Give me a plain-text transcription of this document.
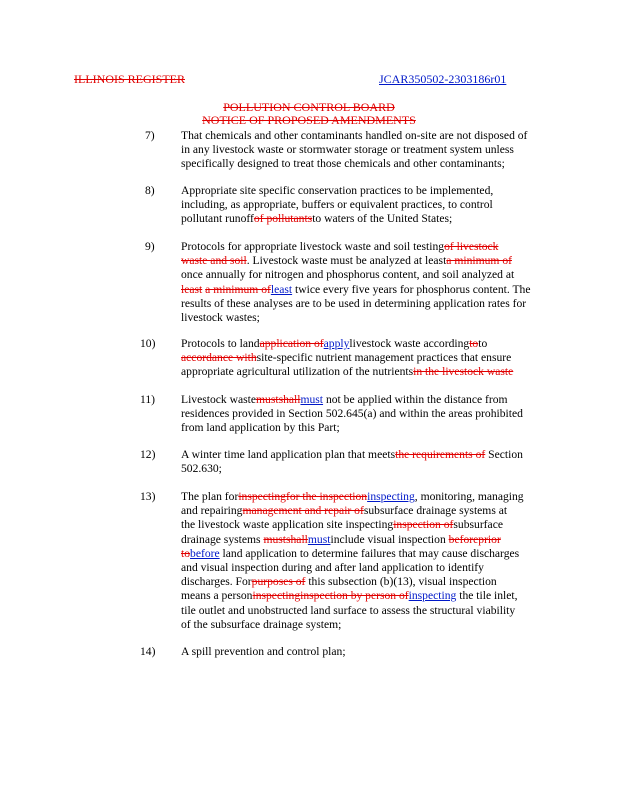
ILLINOIS REGISTER	JCAR350502-2303186r01
POLLUTION CONTROL BOARD
NOTICE OF PROPOSED AMENDMENTS
7)	That chemicals and other contaminants handled on-site are not disposed of
in any livestock waste or stormwater storage or treatment system unless
specifically designed to treat those chemicals and other contaminants;
8)	Appropriate site specific conservation practices to be implemented,
including, as appropriate, buffers or equivalent practices, to control
pollutant runoffof pollutantsto waters of the United States;
9)	Protocols for appropriate livestock waste and soil testingof livestock
waste and soil. Livestock waste must be analyzed at leasta minimum of
once annually for nitrogen and phosphorus content, and soil analyzed at
least a minimum ofleast twice every five years for phosphorus content. The
results of these analyses are to be used in determining application rates for
livestock wastes;
10)	Protocols to landapplication ofapplylivestock waste accordingtoto
accordance withsite-specific nutrient management practices that ensure
appropriate agricultural utilization of the nutrientsin the livestock waste
11)	Livestock wastemustshallmust not be applied within the distance from
residences provided in Section 502.645(a) and within the areas prohibited
from land application by this Part;
12)	A winter time land application plan that meetsthe requirements of Section
502.630;
13)	The plan forinspectingfor the inspectioninspecting, monitoring, managing
and repairingmanagement and repair ofsubsurface drainage systems at
the livestock waste application site inspectinginspection ofsubsurface
drainage systems mustshallmustinclude visual inspection beforeprior
tobefore land application to determine failures that may cause discharges
and visual inspection during and after land application to identify
discharges. Forpurposes of this subsection (b)(13), visual inspection
means a personinspectinginspection by person ofinspecting the tile inlet,
tile outlet and unobstructed land surface to assess the structural viability
of the subsurface drainage system;
14)	A spill prevention and control plan;
